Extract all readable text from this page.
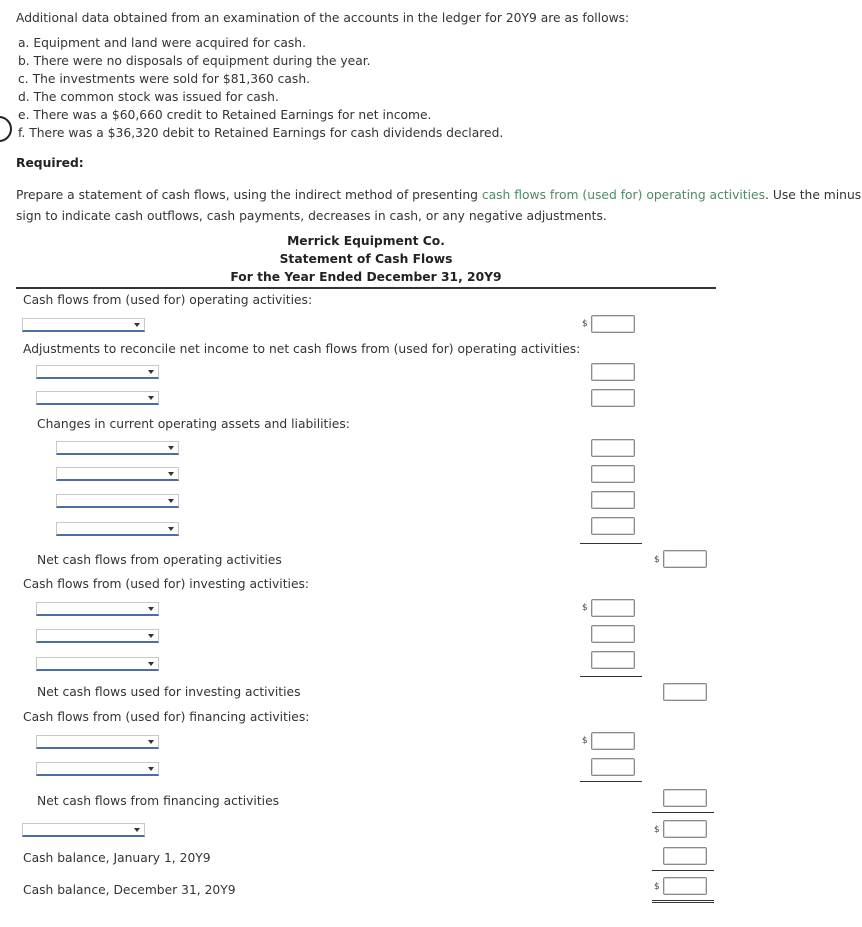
Additional data obtained from an examination of the accounts in the ledger for 20Y9 are as follows:
a. Equipment and land were acquired for cash.
b. There were no disposals of equipment during the year.
c. The investments were sold for $81,360 cash.
d. The common stock was issued for cash.
e. There was a $60,660 credit to Retained Earnings for net income.
f. There was a $36,320 debit to Retained Earnings for cash dividends declared.
Required:
Prepare a statement of cash flows, using the indirect method of presenting cash flows from (used for) operating activities. Use the minus
sign to indicate cash outflows, cash payments, decreases in cash, or any negative adjustments.
Merrick Equipment Co.
Statement of Cash Flows
For the Year Ended December 31, 20Y9
Cash flows from (used for) operating activities:
$
Adjustments to reconcile net income to net cash flows from (used for) operating activities:
Changes in current operating assets and liabilities:
Net cash flows from operating activities	$
Cash flows from (used for) investing activities:
$
Net cash flows used for investing activities
Cash flows from (used for) financing activities:
$
Net cash flows from financing activities
$
Cash balance, January 1, 20Y9
Cash balance, December 31, 20Y9	$
